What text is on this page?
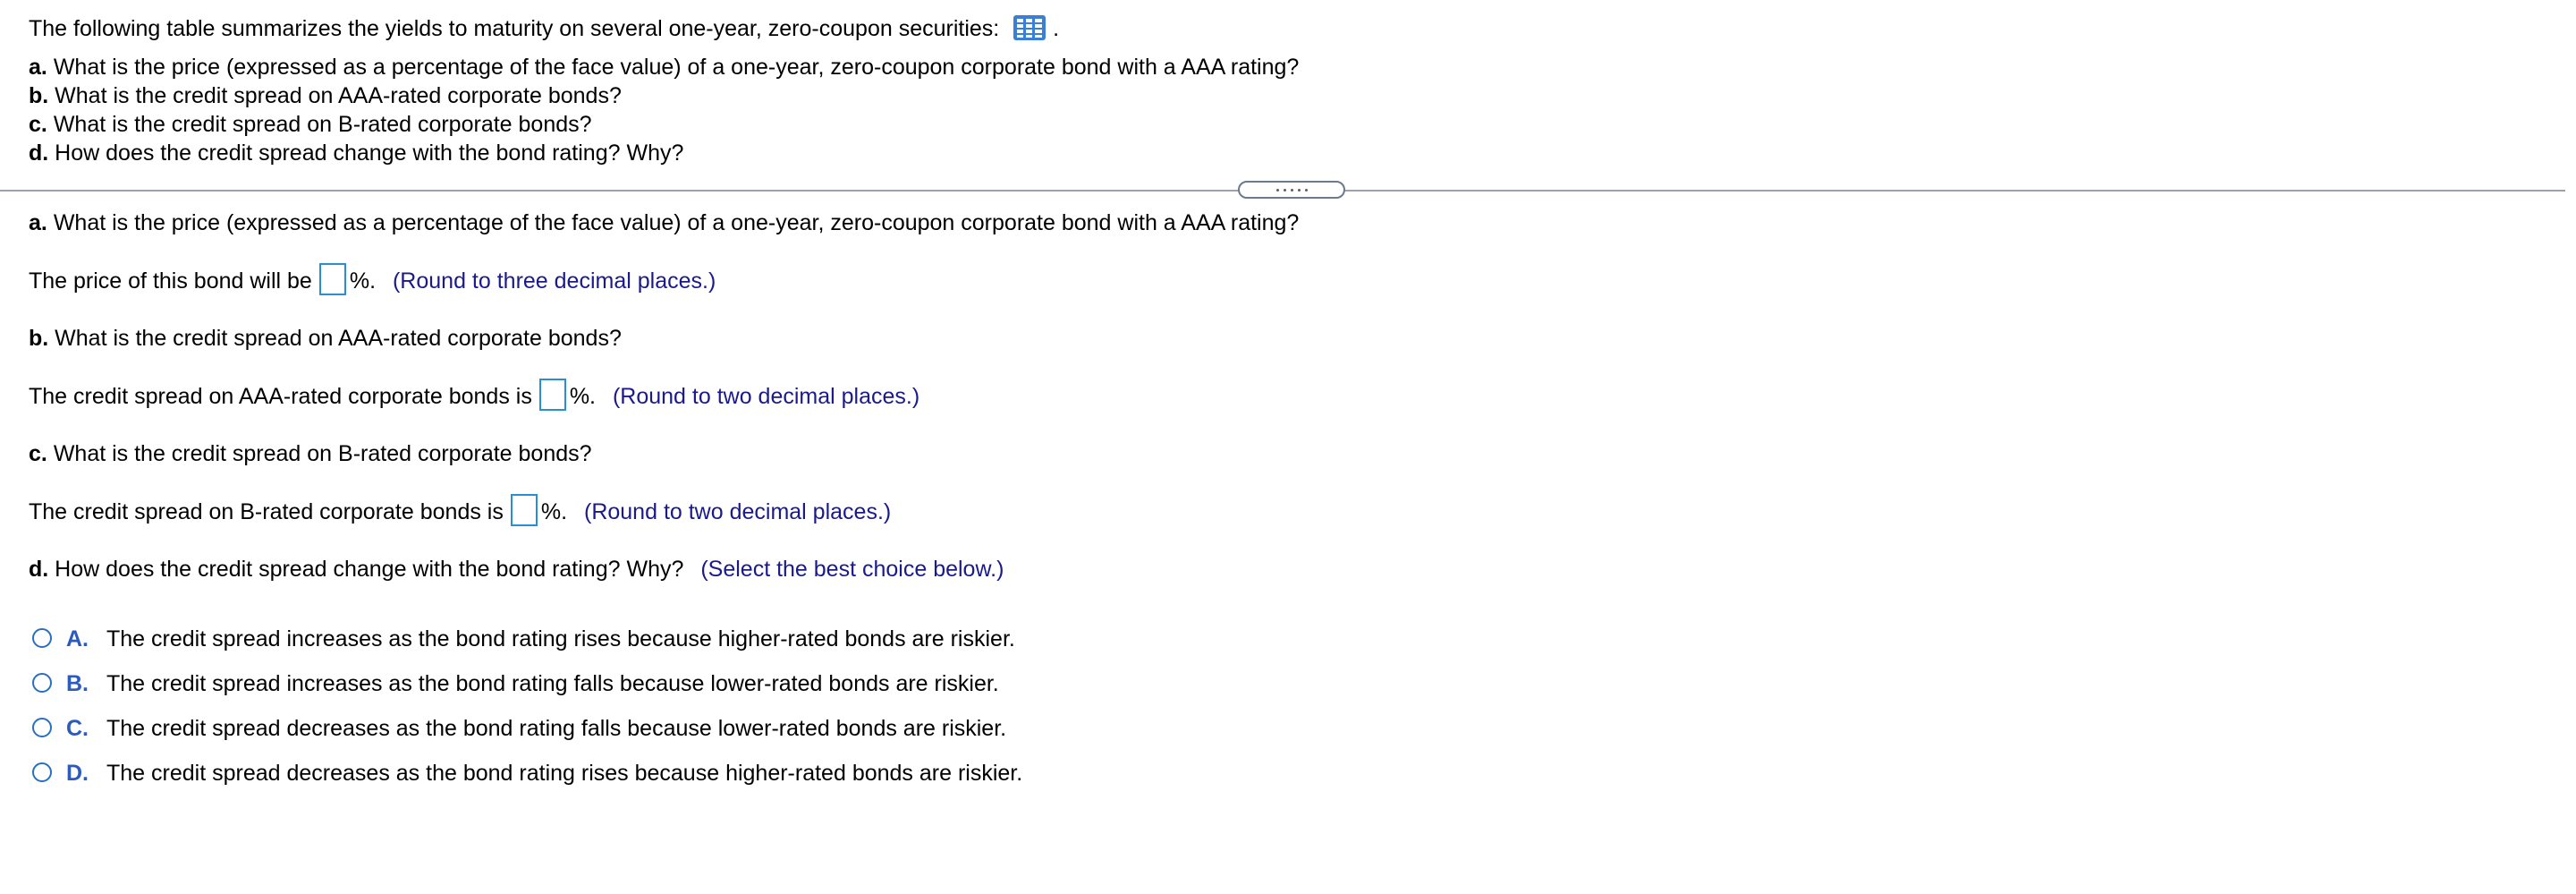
The following table summarizes the yields to maturity on several one-year, zero-coupon securities: .
a. What is the price (expressed as a percentage of the face value) of a one-year, zero-coupon corporate bond with a AAA rating?
b. What is the credit spread on AAA-rated corporate bonds?
c. What is the credit spread on B-rated corporate bonds?
d. How does the credit spread change with the bond rating? Why?
a. What is the price (expressed as a percentage of the face value) of a one-year, zero-coupon corporate bond with a AAA rating?
The price of this bond will be %. (Round to three decimal places.)
b. What is the credit spread on AAA-rated corporate bonds?
The credit spread on AAA-rated corporate bonds is %. (Round to two decimal places.)
c. What is the credit spread on B-rated corporate bonds?
The credit spread on B-rated corporate bonds is %. (Round to two decimal places.)
d. How does the credit spread change with the bond rating? Why? (Select the best choice below.)
A. The credit spread increases as the bond rating rises because higher-rated bonds are riskier.
B. The credit spread increases as the bond rating falls because lower-rated bonds are riskier.
C. The credit spread decreases as the bond rating falls because lower-rated bonds are riskier.
D. The credit spread decreases as the bond rating rises because higher-rated bonds are riskier.
